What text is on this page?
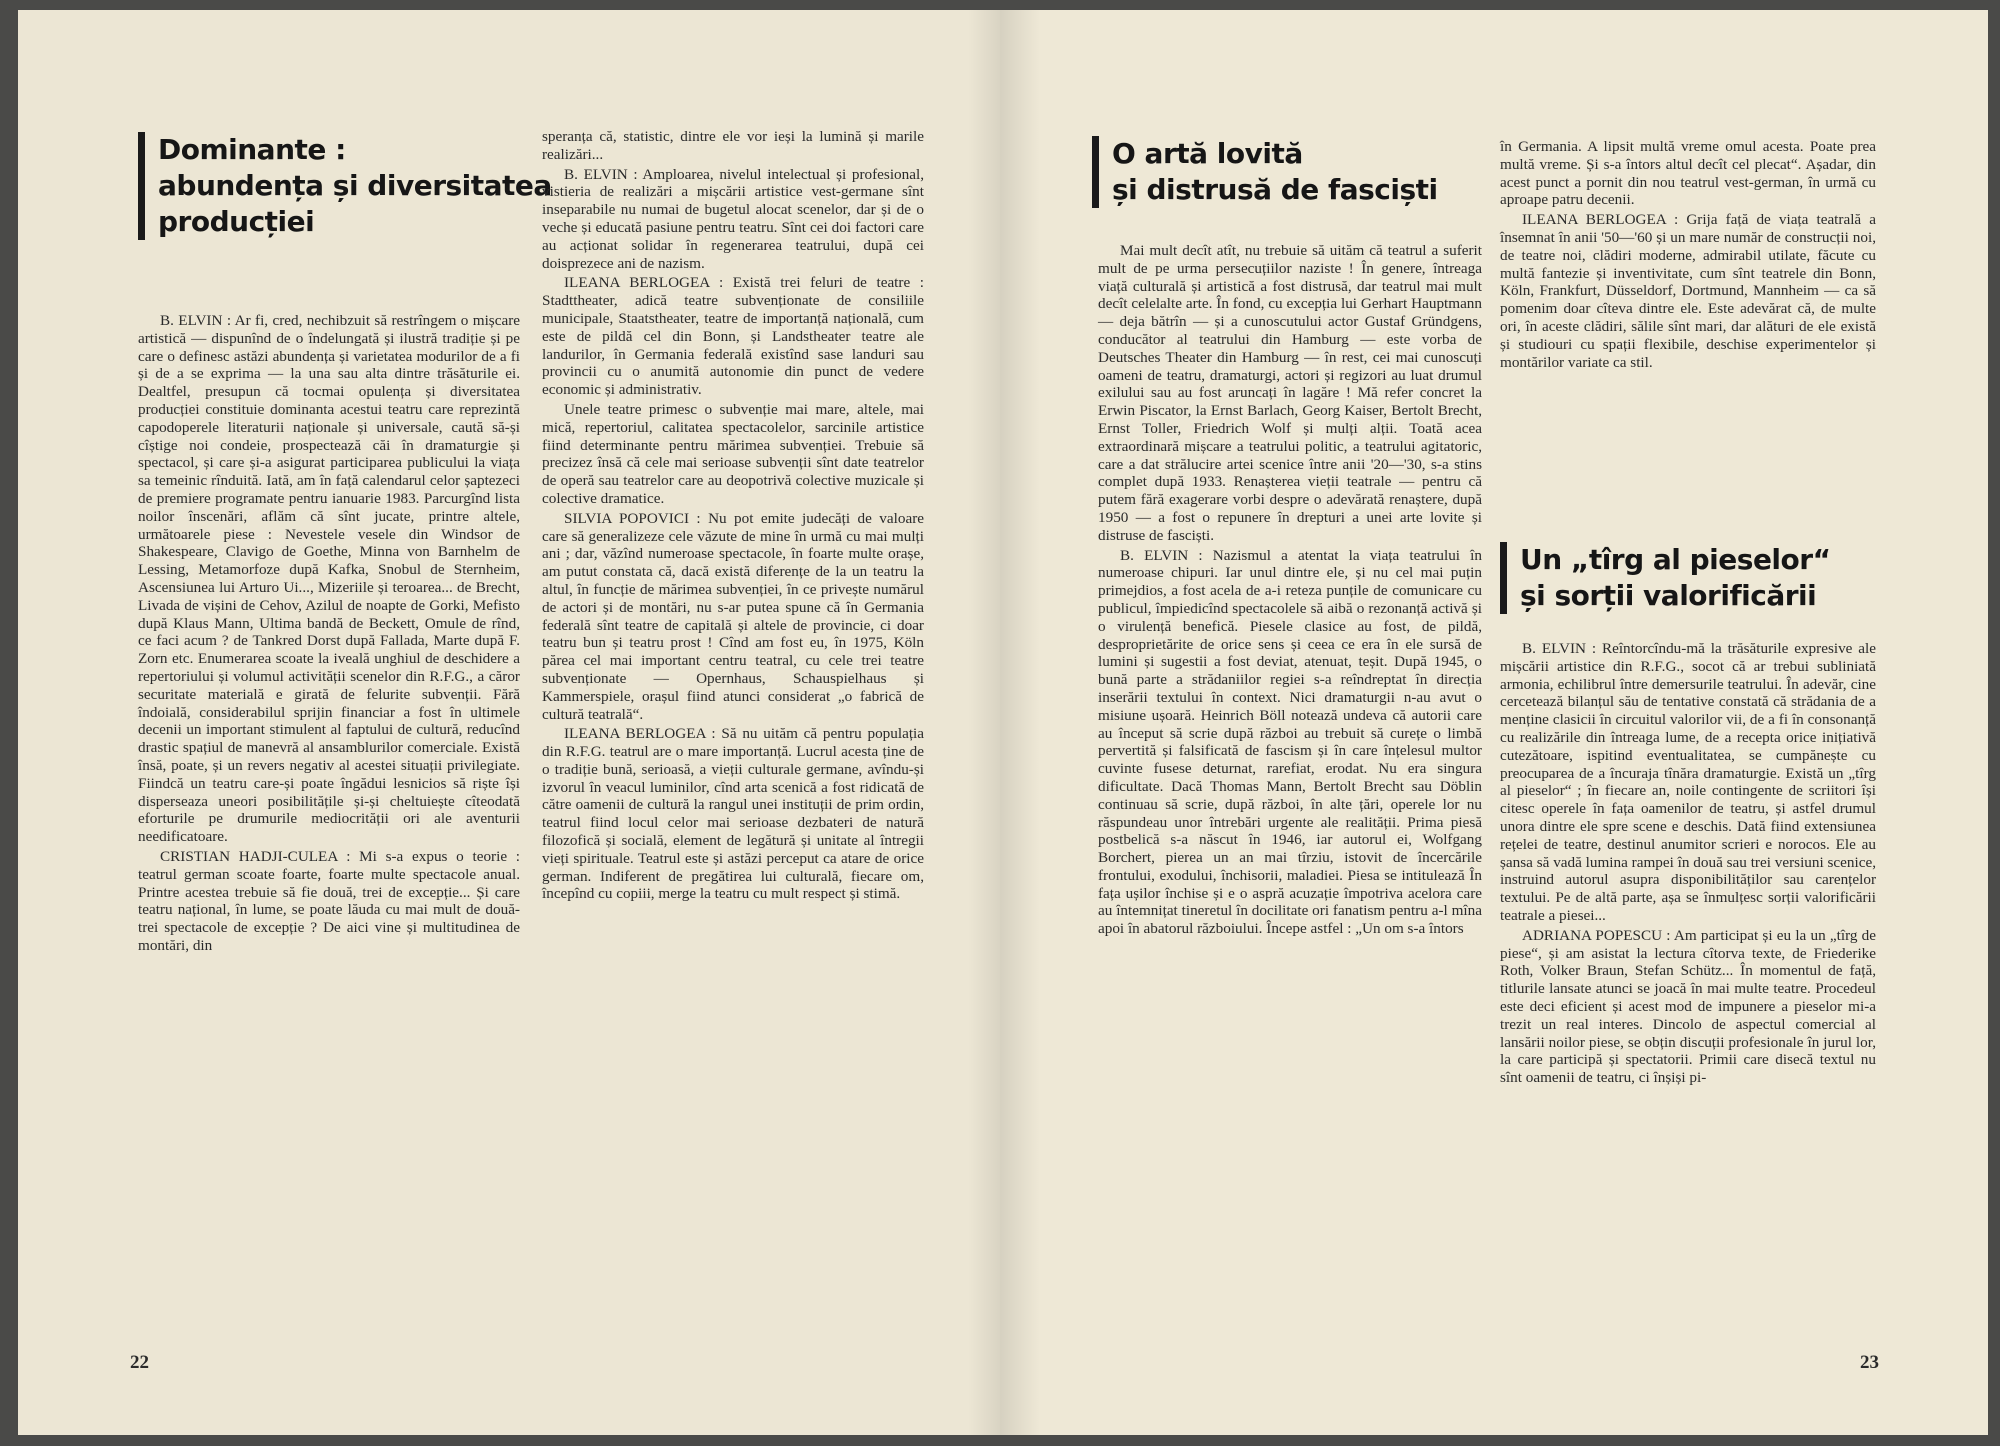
Dominante :
abundența și diversitatea
producției

B. ELVIN : Ar fi, cred, nechibzuit să restrîngem o mișcare artistică — dispunînd de o îndelungată și ilustră tradiție și pe care o definesc astăzi abundența și varietatea modurilor de a fi și de a se exprima — la una sau alta dintre trăsăturile ei. Dealtfel, presupun că tocmai opulența și diversitatea producției constituie dominanta acestui teatru care reprezintă capodoperele literaturii naționale și universale, caută să-și cîștige noi condeie, prospectează căi în dramaturgie și spectacol, și care și-a asigurat participarea publicului la viața sa temeinic rînduită. Iată, am în față calendarul celor șaptezeci de premiere programate pentru ianuarie 1983. Parcurgînd lista noilor înscenări, aflăm că sînt jucate, printre altele, următoarele piese : Nevestele vesele din Windsor de Shakespeare, Clavigo de Goethe, Minna von Barnhelm de Lessing, Metamorfoze după Kafka, Snobul de Sternheim, Ascensiunea lui Arturo Ui..., Mizeriile și teroarea... de Brecht, Livada de vișini de Cehov, Azilul de noapte de Gorki, Mefisto după Klaus Mann, Ultima bandă de Beckett, Omule de rînd, ce faci acum ? de Tankred Dorst după Fallada, Marte după F. Zorn etc. Enumerarea scoate la iveală unghiul de deschidere a repertoriului și volumul activității scenelor din R.F.G., a căror securitate materială e girată de felurite subvenții. Fără îndoială, considerabilul sprijin financiar a fost în ultimele decenii un important stimulent al faptului de cultură, reducînd drastic spațiul de manevră al ansamblurilor comerciale. Există însă, poate, și un revers negativ al acestei situații privilegiate. Fiindcă un teatru care-și poate îngădui lesnicios să riște își disperseaza uneori posibilitățile și-și cheltuiește cîteodată eforturile pe drumurile mediocrității ori ale aventurii needificatoare.

CRISTIAN HADJI-CULEA : Mi s-a expus o teorie : teatrul german scoate foarte, foarte multe spectacole anual. Printre acestea trebuie să fie două, trei de excepție... Și care teatru național, în lume, se poate lăuda cu mai mult de două-trei spectacole de excepție ? De aici vine și multitudinea de montări, din

speranța că, statistic, dintre ele vor ieși la lumină și marile realizări...

B. ELVIN : Amploarea, nivelul intelectual și profesional, vistieria de realizări a mișcării artistice vest-germane sînt inseparabile nu numai de bugetul alocat scenelor, dar și de o veche și educată pasiune pentru teatru. Sînt cei doi factori care au acționat solidar în regenerarea teatrului, după cei doisprezece ani de nazism.

ILEANA BERLOGEA : Există trei feluri de teatre : Stadttheater, adică teatre subvenționate de consiliile municipale, Staatstheater, teatre de importanță națională, cum este de pildă cel din Bonn, și Landstheater teatre ale landurilor, în Germania federală existînd sase landuri sau provincii cu o anumită autonomie din punct de vedere economic și administrativ.

Unele teatre primesc o subvenție mai mare, altele, mai mică, repertoriul, calitatea spectacolelor, sarcinile artistice fiind determinante pentru mărimea subvenției. Trebuie să precizez însă că cele mai serioase subvenții sînt date teatrelor de operă sau teatrelor care au deopotrivă colective muzicale și colective dramatice.

SILVIA POPOVICI : Nu pot emite judecăți de valoare care să generalizeze cele văzute de mine în urmă cu mai mulți ani ; dar, văzînd numeroase spectacole, în foarte multe orașe, am putut constata că, dacă există diferențe de la un teatru la altul, în funcție de mărimea subvenției, în ce privește numărul de actori și de montări, nu s-ar putea spune că în Germania federală sînt teatre de capitală și altele de provincie, ci doar teatru bun și teatru prost ! Cînd am fost eu, în 1975, Köln părea cel mai important centru teatral, cu cele trei teatre subvenționate — Opernhaus, Schauspielhaus și Kammerspiele, orașul fiind atunci considerat „o fabrică de cultură teatrală“.

ILEANA BERLOGEA : Să nu uităm că pentru populația din R.F.G. teatrul are o mare importanță. Lucrul acesta ține de o tradiție bună, serioasă, a vieții culturale germane, avîndu-și izvorul în veacul luminilor, cînd arta scenică a fost ridicată de către oamenii de cultură la rangul unei instituții de prim ordin, teatrul fiind locul celor mai serioase dezbateri de natură filozofică și socială, element de legătură și unitate al întregii vieți spirituale. Teatrul este și astăzi perceput ca atare de orice german. Indiferent de pregătirea lui culturală, fiecare om, începînd cu copiii, merge la teatru cu mult respect și stimă.

22
O artă lovită
și distrusă de fasciști

Mai mult decît atît, nu trebuie să uităm că teatrul a suferit mult de pe urma persecuțiilor naziste ! În genere, întreaga viață culturală și artistică a fost distrusă, dar teatrul mai mult decît celelalte arte. În fond, cu excepția lui Gerhart Hauptmann — deja bătrîn — și a cunoscutului actor Gustaf Gründgens, conducător al teatrului din Hamburg — este vorba de Deutsches Theater din Hamburg — în rest, cei mai cunoscuți oameni de teatru, dramaturgi, actori și regizori au luat drumul exilului sau au fost aruncați în lagăre ! Mă refer concret la Erwin Piscator, la Ernst Barlach, Georg Kaiser, Bertolt Brecht, Ernst Toller, Friedrich Wolf și mulți alții. Toată acea extraordinară mișcare a teatrului politic, a teatrului agitatoric, care a dat strălucire artei scenice între anii '20—'30, s-a stins complet după 1933. Renașterea vieții teatrale — pentru că putem fără exagerare vorbi despre o adevărată renaștere, după 1950 — a fost o repunere în drepturi a unei arte lovite și distruse de fasciști.

B. ELVIN : Nazismul a atentat la viața teatrului în numeroase chipuri. Iar unul dintre ele, și nu cel mai puțin primejdios, a fost acela de a-i reteza punțile de comunicare cu publicul, împiedicînd spectacolele să aibă o rezonanță activă și o virulență benefică. Piesele clasice au fost, de pildă, desproprietărite de orice sens și ceea ce era în ele sursă de lumini și sugestii a fost deviat, atenuat, teșit. După 1945, o bună parte a strădaniilor regiei s-a reîndreptat în direcția inserării textului în context. Nici dramaturgii n-au avut o misiune ușoară. Heinrich Böll notează undeva că autorii care au început să scrie după război au trebuit să curețe o limbă pervertită și falsificată de fascism și în care înțelesul multor cuvinte fusese deturnat, rarefiat, erodat. Nu era singura dificultate. Dacă Thomas Mann, Bertolt Brecht sau Döblin continuau să scrie, după război, în alte țări, operele lor nu răspundeau unor întrebări urgente ale realității. Prima piesă postbelică s-a născut în 1946, iar autorul ei, Wolfgang Borchert, pierea un an mai tîrziu, istovit de încercările frontului, exodului, închisorii, maladiei. Piesa se intitulează În fața ușilor închise și e o aspră acuzație împotriva acelora care au întemnițat tineretul în docilitate ori fanatism pentru a-l mîna apoi în abatorul războiului. Începe astfel : „Un om s-a întors

în Germania. A lipsit multă vreme omul acesta. Poate prea multă vreme. Și s-a întors altul decît cel plecat“. Așadar, din acest punct a pornit din nou teatrul vest-german, în urmă cu aproape patru decenii.

ILEANA BERLOGEA : Grija față de viața teatrală a însemnat în anii '50—'60 și un mare număr de construcții noi, de teatre noi, clădiri moderne, admirabil utilate, făcute cu multă fantezie și inventivitate, cum sînt teatrele din Bonn, Köln, Frankfurt, Düsseldorf, Dortmund, Mannheim — ca să pomenim doar cîteva dintre ele. Este adevărat că, de multe ori, în aceste clădiri, sălile sînt mari, dar alături de ele există și studiouri cu spații flexibile, deschise experimentelor și montărilor variate ca stil.

Un „tîrg al pieselor“
și sorții valorificării

B. ELVIN : Reîntorcîndu-mă la trăsăturile expresive ale mișcării artistice din R.F.G., socot că ar trebui subliniată armonia, echilibrul între demersurile teatrului. În adevăr, cine cercetează bilanțul său de tentative constată că strădania de a menține clasicii în circuitul valorilor vii, de a fi în consonanță cu realizările din întreaga lume, de a recepta orice inițiativă cutezătoare, ispitind eventualitatea, se cumpănește cu preocuparea de a încuraja tînăra dramaturgie. Există un „tîrg al pieselor“ ; în fiecare an, noile contingente de scriitori își citesc operele în fața oamenilor de teatru, și astfel drumul unora dintre ele spre scene e deschis. Dată fiind extensiunea rețelei de teatre, destinul anumitor scrieri e norocos. Ele au șansa să vadă lumina rampei în două sau trei versiuni scenice, instruind autorul asupra disponibilităților sau carențelor textului. Pe de altă parte, așa se înmulțesc sorții valorificării teatrale a piesei...

ADRIANA POPESCU : Am participat și eu la un „tîrg de piese“, și am asistat la lectura cîtorva texte, de Friederike Roth, Volker Braun, Stefan Schütz... În momentul de față, titlurile lansate atunci se joacă în mai multe teatre. Procedeul este deci eficient și acest mod de impunere a pieselor mi-a trezit un real interes. Dincolo de aspectul comercial al lansării noilor piese, se obțin discuții profesionale în jurul lor, la care participă și spectatorii. Primii care disecă textul nu sînt oamenii de teatru, ci înșiși pi-

23
